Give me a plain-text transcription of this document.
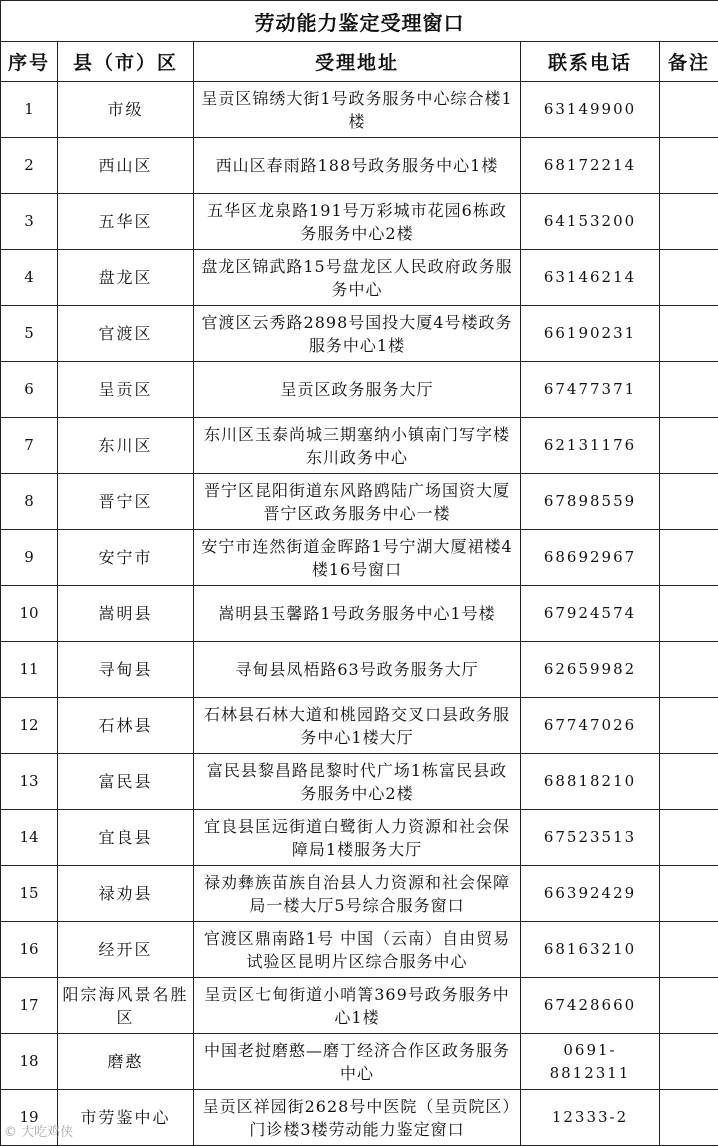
劳动能力鉴定受理窗口				
序号	县（市）区	受理地址	联系电话	备注
1	市级	呈贡区锦绣大街1号政务服务中心综合楼1楼	63149900	
2	西山区	西山区春雨路188号政务服务中心1楼	68172214	
3	五华区	五华区龙泉路191号万彩城市花园6栋政务服务中心2楼	64153200	
4	盘龙区	盘龙区锦武路15号盘龙区人民政府政务服务中心	63146214	
5	官渡区	官渡区云秀路2898号国投大厦4号楼政务服务中心1楼	66190231	
6	呈贡区	呈贡区政务服务大厅	67477371	
7	东川区	东川区玉泰尚城三期塞纳小镇南门写字楼东川政务中心	62131176	
8	晋宁区	晋宁区昆阳街道东风路鸥陆广场国资大厦晋宁区政务服务中心一楼	67898559	
9	安宁市	安宁市连然街道金晖路1号宁湖大厦裙楼4楼16号窗口	68692967	
10	嵩明县	嵩明县玉馨路1号政务服务中心1号楼	67924574	
11	寻甸县	寻甸县凤梧路63号政务服务大厅	62659982	
12	石林县	石林县石林大道和桃园路交叉口县政务服务中心1楼大厅	67747026	
13	富民县	富民县黎昌路昆黎时代广场1栋富民县政务服务中心2楼	68818210	
14	宜良县	宜良县匡远街道白鹭街人力资源和社会保障局1楼服务大厅	67523513	
15	禄劝县	禄劝彝族苗族自治县人力资源和社会保障局一楼大厅5号综合服务窗口	66392429	
16	经开区	官渡区鼎南路1号 中国（云南）自由贸易试验区昆明片区综合服务中心	68163210	
17	阳宗海风景名胜区	呈贡区七甸街道小哨箐369号政务服务中心1楼	67428660	
18	磨憨	中国老挝磨憨—磨丁经济合作区政务服务中心	0691-8812311	
19	市劳鉴中心	呈贡区祥园街2628号中医院（呈贡院区）门诊楼3楼劳动能力鉴定窗口	12333-2	
© 大吃鸡侠
